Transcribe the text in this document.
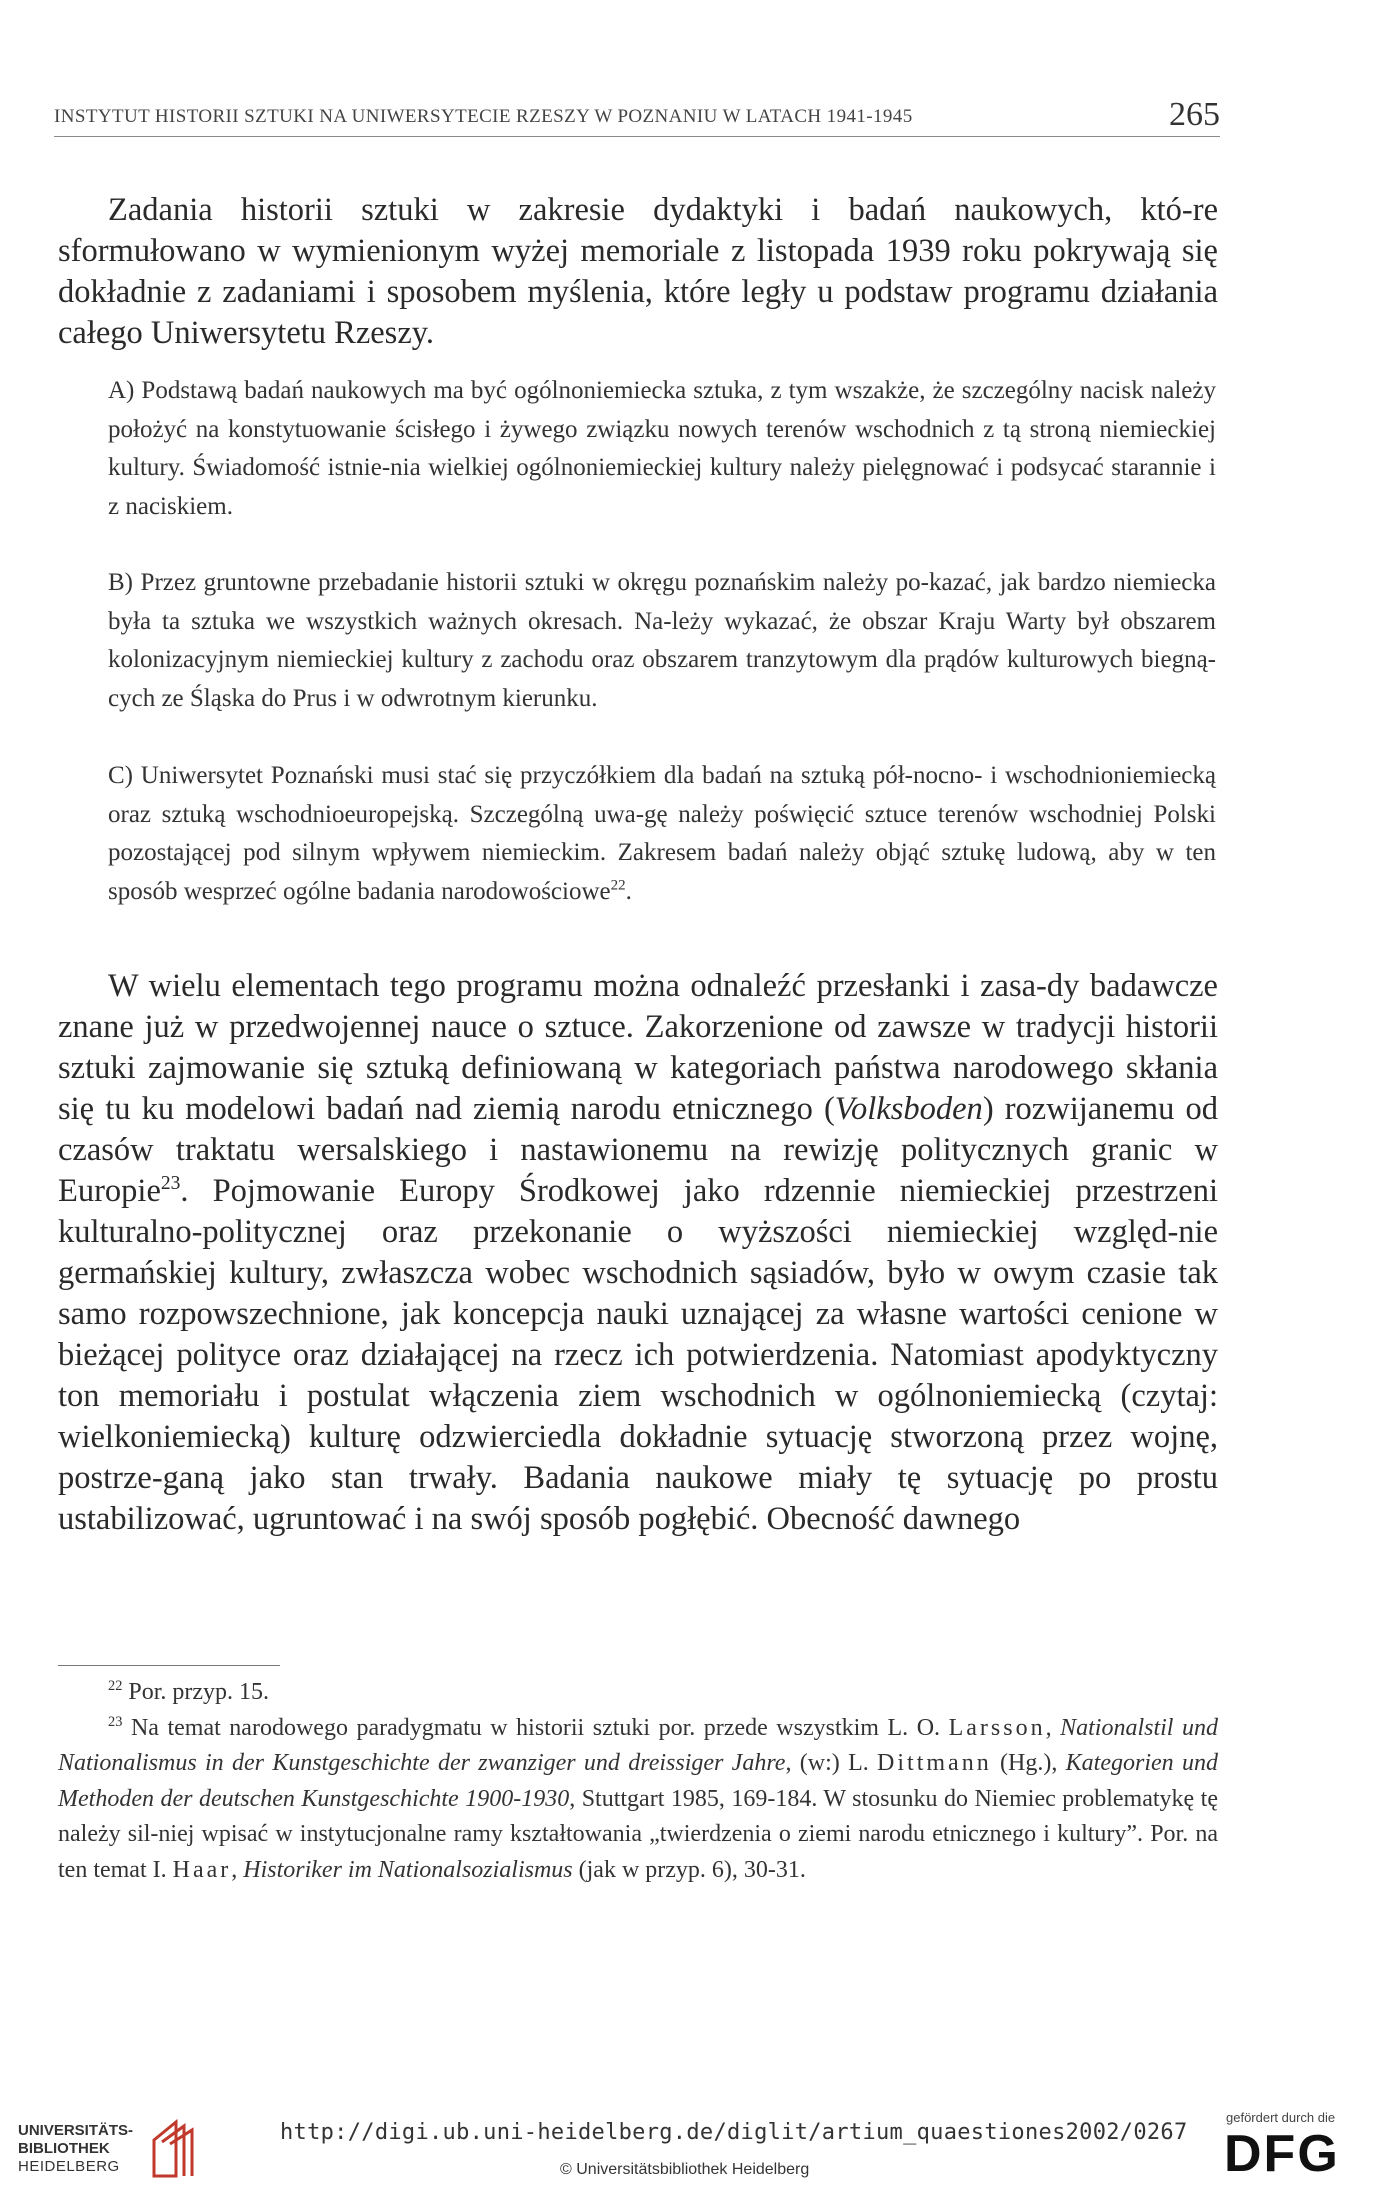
INSTYTUT HISTORII SZTUKI NA UNIWERSYTECIE RZESZY W POZNANIU W LATACH 1941-1945	265

Zadania historii sztuki w zakresie dydaktyki i badań naukowych, któ-re sformułowano w wymienionym wyżej memoriale z listopada 1939 roku pokrywają się dokładnie z zadaniami i sposobem myślenia, które legły u podstaw programu działania całego Uniwersytetu Rzeszy.

A) Podstawą badań naukowych ma być ogólnoniemiecka sztuka, z tym wszakże, że szczególny nacisk należy położyć na konstytuowanie ścisłego i żywego związku nowych terenów wschodnich z tą stroną niemieckiej kultury. Świadomość istnie-nia wielkiej ogólnoniemieckiej kultury należy pielęgnować i podsycać starannie i z naciskiem.

B) Przez gruntowne przebadanie historii sztuki w okręgu poznańskim należy po-kazać, jak bardzo niemiecka była ta sztuka we wszystkich ważnych okresach. Na-leży wykazać, że obszar Kraju Warty był obszarem kolonizacyjnym niemieckiej kultury z zachodu oraz obszarem tranzytowym dla prądów kulturowych biegną-cych ze Śląska do Prus i w odwrotnym kierunku.

C) Uniwersytet Poznański musi stać się przyczółkiem dla badań na sztuką pół-nocno- i wschodnioniemiecką oraz sztuką wschodnioeuropejską. Szczególną uwa-gę należy poświęcić sztuce terenów wschodniej Polski pozostającej pod silnym wpływem niemieckim. Zakresem badań należy objąć sztukę ludową, aby w ten sposób wesprzeć ogólne badania narodowościowe$^{22}$.

W wielu elementach tego programu można odnaleźć przesłanki i zasa-dy badawcze znane już w przedwojennej nauce o sztuce. Zakorzenione od zawsze w tradycji historii sztuki zajmowanie się sztuką definiowaną w kategoriach państwa narodowego skłania się tu ku modelowi badań nad ziemią narodu etnicznego (Volksboden) rozwijanemu od czasów traktatu wersalskiego i nastawionemu na rewizję politycznych granic w Europie$^{23}$. Pojmowanie Europy Środkowej jako rdzennie niemieckiej przestrzeni kulturalno-politycznej oraz przekonanie o wyższości niemieckiej względ-nie germańskiej kultury, zwłaszcza wobec wschodnich sąsiadów, było w owym czasie tak samo rozpowszechnione, jak koncepcja nauki uznającej za własne wartości cenione w bieżącej polityce oraz działającej na rzecz ich potwierdzenia. Natomiast apodyktyczny ton memoriału i postulat włączenia ziem wschodnich w ogólnoniemiecką (czytaj: wielkoniemiecką) kulturę odzwierciedla dokładnie sytuację stworzoną przez wojnę, postrze-ganą jako stan trwały. Badania naukowe miały tę sytuację po prostu ustabilizować, ugruntować i na swój sposób pogłębić. Obecność dawnego

$^{22}$ Por. przyp. 15.

$^{23}$ Na temat narodowego paradygmatu w historii sztuki por. przede wszystkim L. O. Larsson, Nationalstil und Nationalismus in der Kunstgeschichte der zwanziger und dreissiger Jahre, (w:) L. Dittmann (Hg.), Kategorien und Methoden der deutschen Kunstgeschichte 1900-1930, Stuttgart 1985, 169-184. W stosunku do Niemiec problematykę tę należy sil-niej wpisać w instytucjonalne ramy kształtowania „twierdzenia o ziemi narodu etnicznego i kultury”. Por. na ten temat I. Haar, Historiker im Nationalsozialismus (jak w przyp. 6), 30-31.

UNIVERSITÄTS-
BIBLIOTHEK
HEIDELBERG
http://digi.ub.uni-heidelberg.de/diglit/artium_quaestiones2002/0267
© Universitätsbibliothek Heidelberg
gefördert durch die
DFG
